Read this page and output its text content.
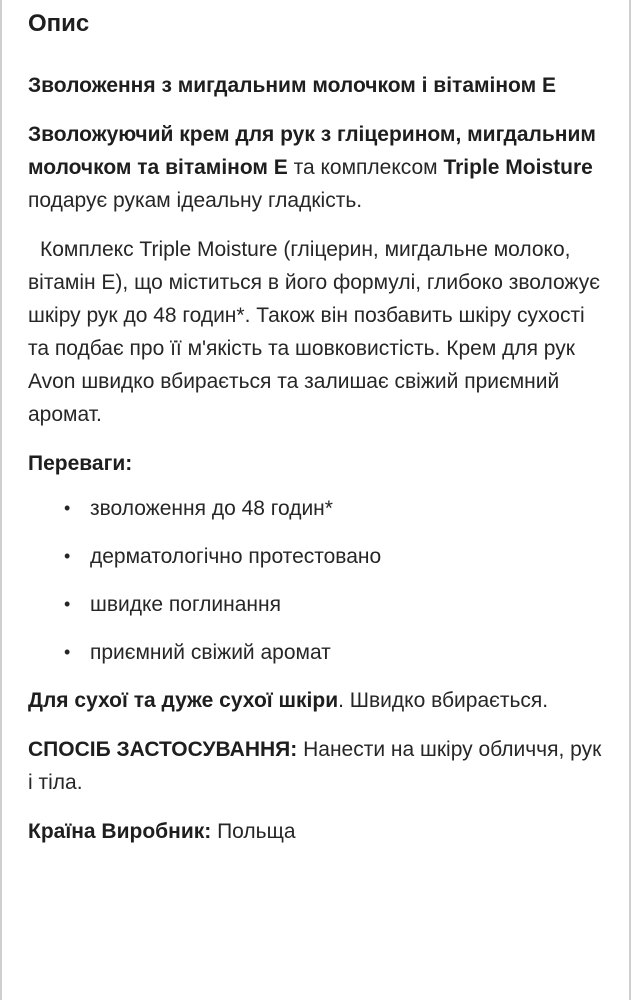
Опис
Зволоження з мигдальним молочком і вітаміном Е

Зволожуючий крем для рук з гліцерином, мигдальним молочком та вітаміном Е та комплексом Triple Moisture подарує рукам ідеальну гладкість.

Комплекс Triple Moisture (гліцерин, мигдальне молоко, вітамін Е), що міститься в його формулі, глибоко зволожує шкіру рук до 48 годин*. Також він позбавить шкіру сухості та подбає про її м'якість та шовковистість. Крем для рук Avon швидко вбирається та залишає свіжий приємний аромат.

Переваги:
• зволоження до 48 годин*
• дерматологічно протестовано
• швидке поглинання
• приємний свіжий аромат

Для сухої та дуже сухої шкіри. Швидко вбирається.

СПОСІБ ЗАСТОСУВАННЯ: Нанести на шкіру обличчя, рук і тіла.

Країна Виробник: Польща
